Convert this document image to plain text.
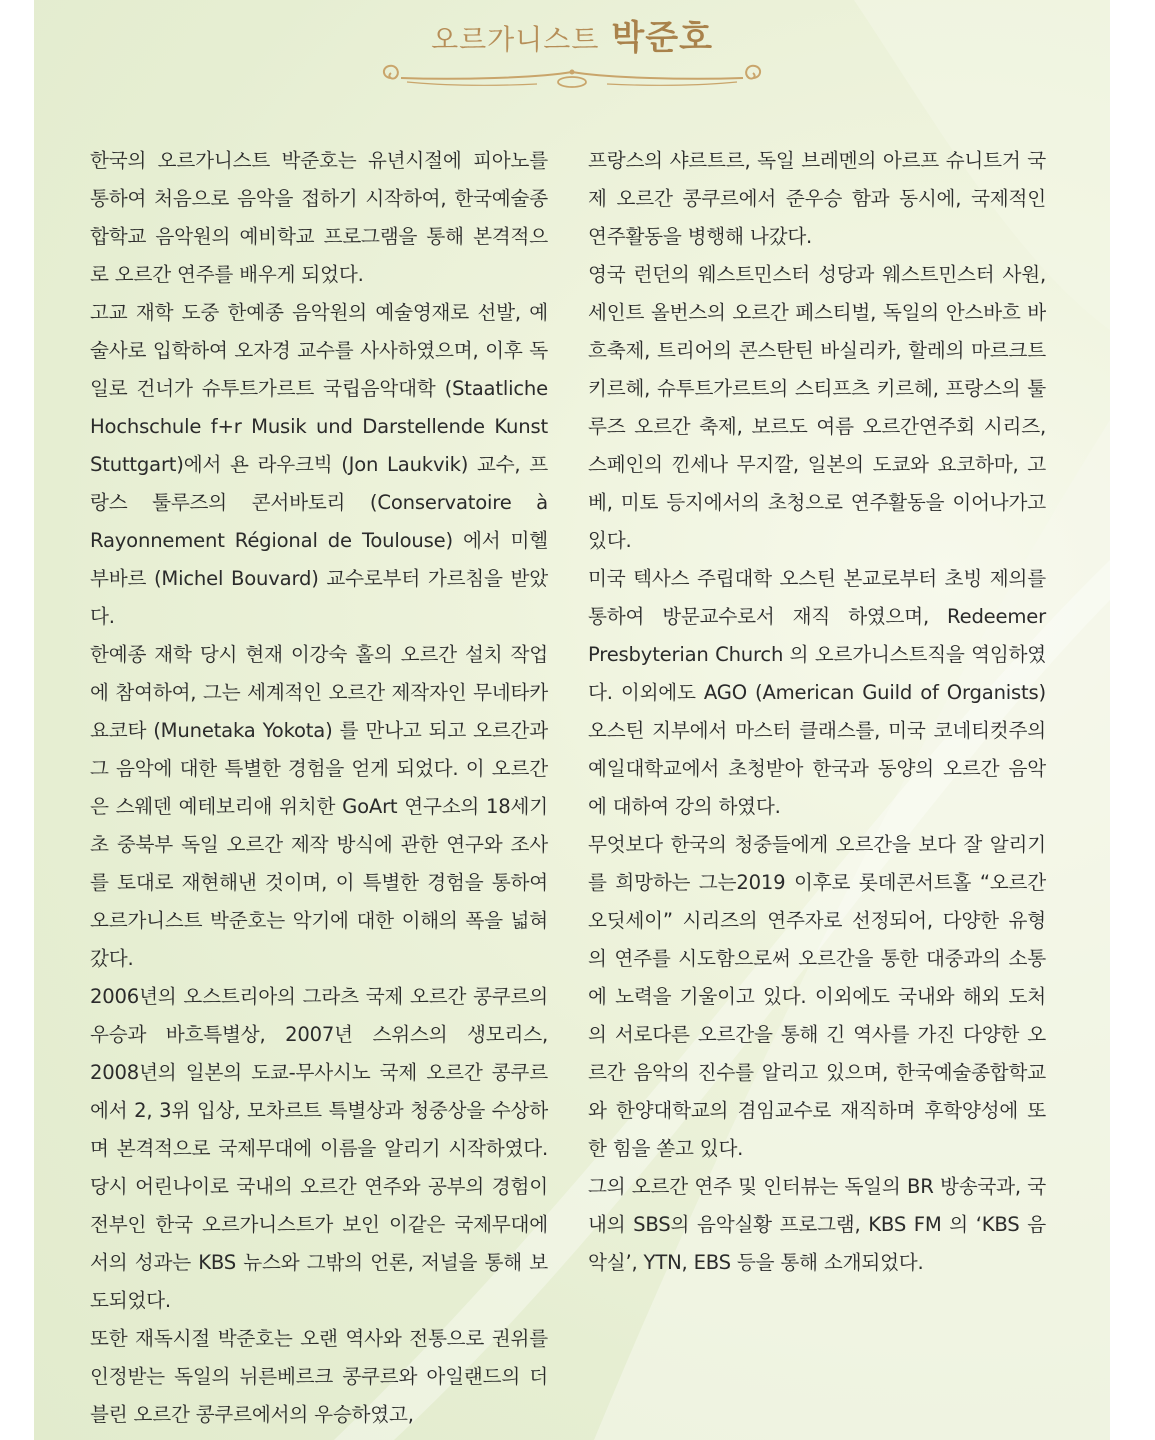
오르가니스트 박준호

한국의 오르가니스트 박준호는 유년시절에 피아노를 통하여 처음으로 음악을 접하기 시작하여, 한국예술종합학교 음악원의 예비학교 프로그램을 통해 본격적으로 오르간 연주를 배우게 되었다.

고교 재학 도중 한예종 음악원의 예술영재로 선발, 예술사로 입학하여 오자경 교수를 사사하였으며, 이후 독일로 건너가 슈투트가르트 국립음악대학 (Staatliche Hochschule f+r Musik und Darstellende Kunst Stuttgart)에서 욘 라우크빅 (Jon Laukvik) 교수, 프랑스 툴루즈의 콘서바토리 (Conservatoire à Rayonnement Régional de Toulouse) 에서 미헬 부바르 (Michel Bouvard) 교수로부터 가르침을 받았다.

한예종 재학 당시 현재 이강숙 홀의 오르간 설치 작업에 참여하여, 그는 세계적인 오르간 제작자인 무네타카 요코타 (Munetaka Yokota) 를 만나고 되고 오르간과 그 음악에 대한 특별한 경험을 얻게 되었다. 이 오르간은 스웨덴 예테보리애 위치한 GoArt 연구소의 18세기 초 중북부 독일 오르간 제작 방식에 관한 연구와 조사를 토대로 재현해낸 것이며, 이 특별한 경험을 통하여 오르가니스트 박준호는 악기에 대한 이해의 폭을 넓혀갔다.

2006년의 오스트리아의 그라츠 국제 오르간 콩쿠르의 우승과 바흐특별상, 2007년 스위스의 생모리스, 2008년의 일본의 도쿄-무사시노 국제 오르간 콩쿠르에서 2, 3위 입상, 모차르트 특별상과 청중상을 수상하며 본격적으로 국제무대에 이름을 알리기 시작하였다. 당시 어린나이로 국내의 오르간 연주와 공부의 경험이 전부인 한국 오르가니스트가 보인 이같은 국제무대에서의 성과는 KBS 뉴스와 그밖의 언론, 저널을 통해 보도되었다.

또한 재독시절 박준호는 오랜 역사와 전통으로 권위를 인정받는 독일의 뉘른베르크 콩쿠르와 아일랜드의 더블린 오르간 콩쿠르에서의 우승하였고,

프랑스의 샤르트르, 독일 브레멘의 아르프 슈니트거 국제 오르간 콩쿠르에서 준우승 함과 동시에, 국제적인 연주활동을 병행해 나갔다.

영국 런던의 웨스트민스터 성당과 웨스트민스터 사원, 세인트 올번스의 오르간 페스티벌, 독일의 안스바흐 바흐축제, 트리어의 콘스탄틴 바실리카, 할레의 마르크트 키르헤, 슈투트가르트의 스티프츠 키르헤, 프랑스의 툴루즈 오르간 축제, 보르도 여름 오르간연주회 시리즈, 스페인의 낀세나 무지깔, 일본의 도쿄와 요코하마, 고베, 미토 등지에서의 초청으로 연주활동을 이어나가고 있다.

미국 텍사스 주립대학 오스틴 본교로부터 초빙 제의를 통하여 방문교수로서 재직 하였으며, Redeemer Presbyterian Church 의 오르가니스트직을 역임하였다. 이외에도 AGO (American Guild of Organists) 오스틴 지부에서 마스터 클래스를, 미국 코네티컷주의 예일대학교에서 초청받아 한국과 동양의 오르간 음악에 대하여 강의 하였다.

무엇보다 한국의 청중들에게 오르간을 보다 잘 알리기를 희망하는 그는2019 이후로 롯데콘서트홀 “오르간 오딧세이” 시리즈의 연주자로 선정되어, 다양한 유형의 연주를 시도함으로써 오르간을 통한 대중과의 소통에 노력을 기울이고 있다. 이외에도 국내와 해외 도처의 서로다른 오르간을 통해 긴 역사를 가진 다양한 오르간 음악의 진수를 알리고 있으며, 한국예술종합학교와 한양대학교의 겸임교수로 재직하며 후학양성에 또한 힘을 쏟고 있다.

그의 오르간 연주 및 인터뷰는 독일의 BR 방송국과, 국내의 SBS의 음악실황 프로그램, KBS FM 의 ‘KBS 음악실’, YTN, EBS 등을 통해 소개되었다.
